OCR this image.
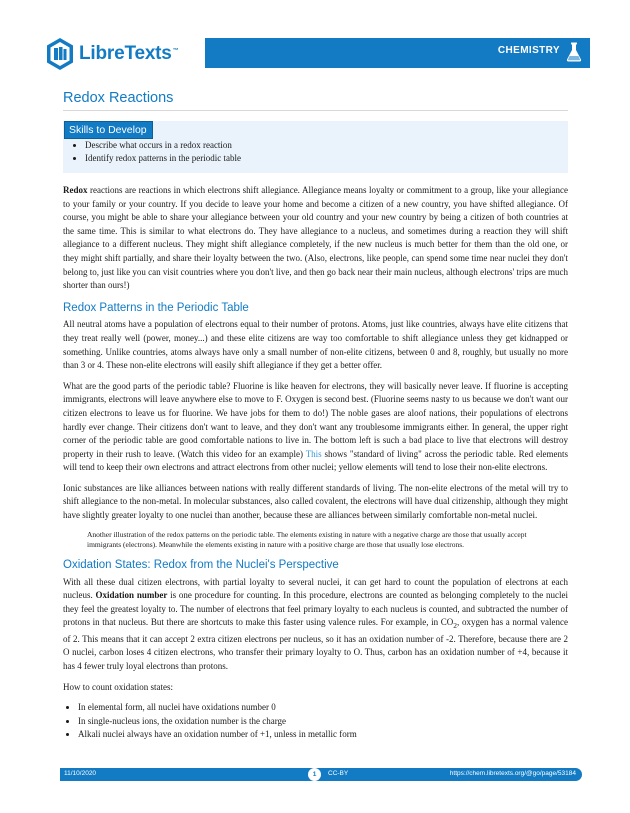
LibreTexts™	CHEMISTRY
Redox Reactions
Skills to Develop
• Describe what occurs in a redox reaction
• Identify redox patterns in the periodic table

Redox reactions are reactions in which electrons shift allegiance. Allegiance means loyalty or commitment to a group, like your allegiance to your family or your country. If you decide to leave your home and become a citizen of a new country, you have shifted allegiance. Of course, you might be able to share your allegiance between your old country and your new country by being a citizen of both countries at the same time. This is similar to what electrons do. They have allegiance to a nucleus, and sometimes during a reaction they will shift allegiance to a different nucleus. They might shift allegiance completely, if the new nucleus is much better for them than the old one, or they might shift partially, and share their loyalty between the two. (Also, electrons, like people, can spend some time near nuclei they don't belong to, just like you can visit countries where you don't live, and then go back near their main nucleus, although electrons' trips are much shorter than ours!)

Redox Patterns in the Periodic Table

All neutral atoms have a population of electrons equal to their number of protons. Atoms, just like countries, always have elite citizens that they treat really well (power, money...) and these elite citizens are way too comfortable to shift allegiance unless they get kidnapped or something. Unlike countries, atoms always have only a small number of non-elite citizens, between 0 and 8, roughly, but usually no more than 3 or 4. These non-elite electrons will easily shift allegiance if they get a better offer.

What are the good parts of the periodic table? Fluorine is like heaven for electrons, they will basically never leave. If fluorine is accepting immigrants, electrons will leave anywhere else to move to F. Oxygen is second best. (Fluorine seems nasty to us because we don't want our citizen electrons to leave us for fluorine. We have jobs for them to do!) The noble gases are aloof nations, their populations of electrons hardly ever change. Their citizens don't want to leave, and they don't want any troublesome immigrants either. In general, the upper right corner of the periodic table are good comfortable nations to live in. The bottom left is such a bad place to live that electrons will destroy property in their rush to leave. (Watch this video for an example) This shows "standard of living" across the periodic table. Red elements will tend to keep their own electrons and attract electrons from other nuclei; yellow elements will tend to lose their non-elite electrons.

Ionic substances are like alliances between nations with really different standards of living. The non-elite electrons of the metal will try to shift allegiance to the non-metal. In molecular substances, also called covalent, the electrons will have dual citizenship, although they might have slightly greater loyalty to one nuclei than another, because these are alliances between similarly comfortable non-metal nuclei.

Another illustration of the redox patterns on the periodic table. The elements existing in nature with a negative charge are those that usually accept immigrants (electrons). Meanwhile the elements existing in nature with a positive charge are those that usually lose electrons.

Oxidation States: Redox from the Nuclei's Perspective

With all these dual citizen electrons, with partial loyalty to several nuclei, it can get hard to count the population of electrons at each nucleus. Oxidation number is one procedure for counting. In this procedure, electrons are counted as belonging completely to the nuclei they feel the greatest loyalty to. The number of electrons that feel primary loyalty to each nucleus is counted, and subtracted the number of protons in that nucleus. But there are shortcuts to make this faster using valence rules. For example, in $CO_2$, oxygen has a normal valence of 2. This means that it can accept 2 extra citizen electrons per nucleus, so it has an oxidation number of -2. Therefore, because there are 2 O nuclei, carbon loses 4 citizen electrons, who transfer their primary loyalty to O. Thus, carbon has an oxidation number of +4, because it has 4 fewer truly loyal electrons than protons.

How to count oxidation states:

• In elemental form, all nuclei have oxidations number 0
• In single-nucleus ions, the oxidation number is the charge
• Alkali nuclei always have an oxidation number of +1, unless in metallic form
11/10/2020	1	CC-BY	https://chem.libretexts.org/@go/page/53184
